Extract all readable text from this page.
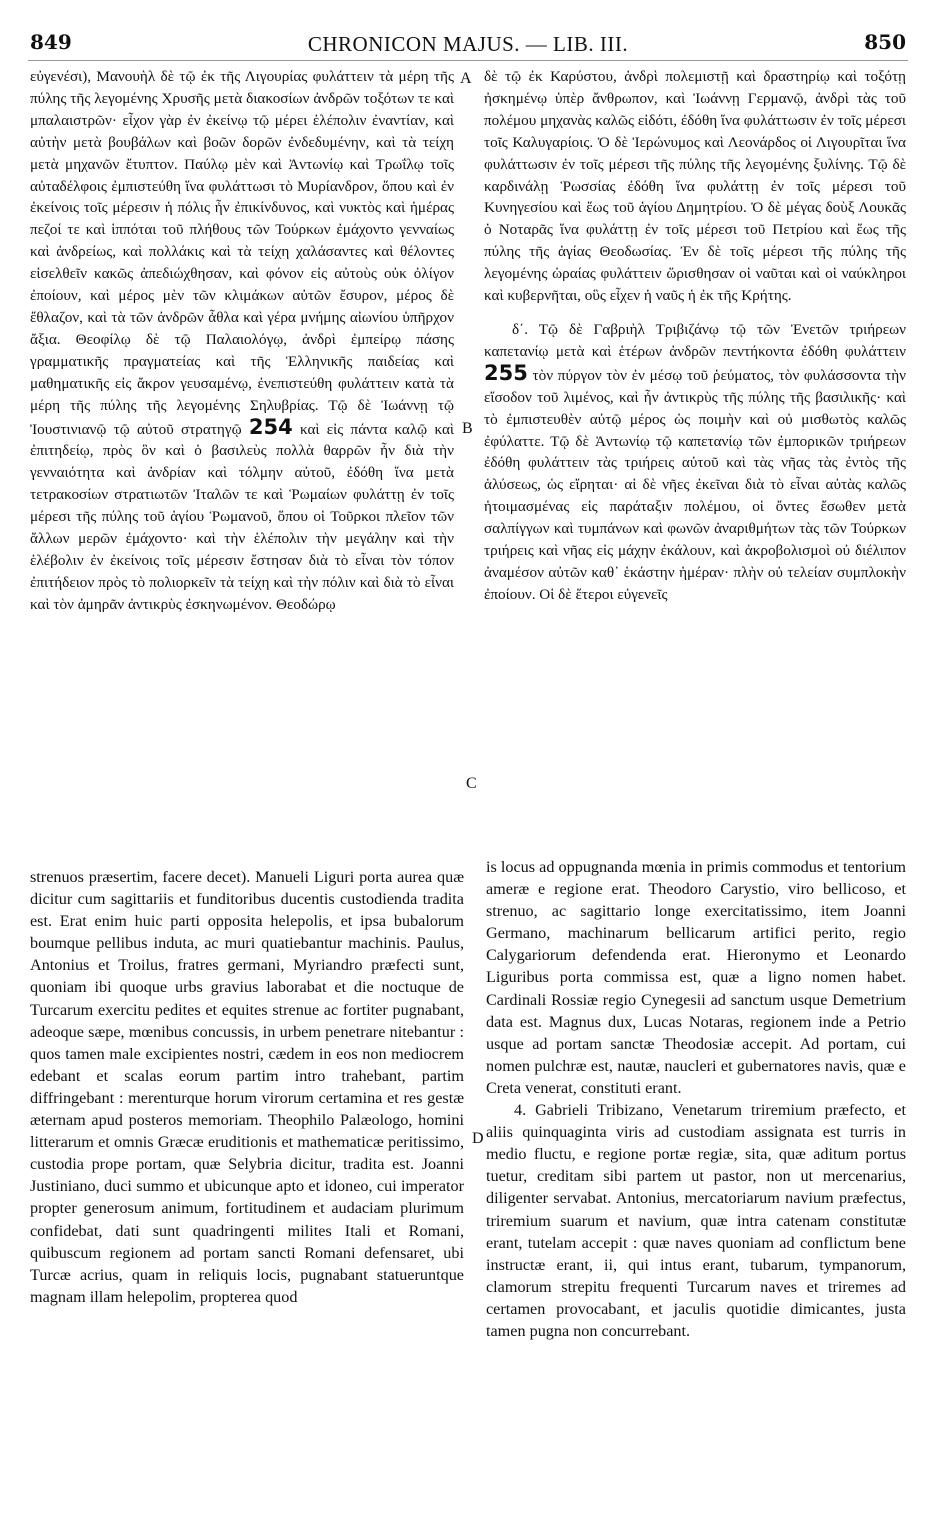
849	CHRONICON MAJUS. — LIB. III.	850

εὐγενέσι), Μανουὴλ δὲ τῷ ἐκ τῆς Λιγουρίας φυλάττειν τὰ μέρη τῆς πύλης τῆς λεγομένης Χρυσῆς μετὰ διακοσίων ἀνδρῶν τοξότων τε καὶ μπαλαιστρῶν· εἶχον γὰρ ἐν ἐκείνῳ τῷ μέρει ἑλέπολιν ἐναντίαν, καὶ αὐτὴν μετὰ βουβάλων καὶ βοῶν δορῶν ἐνδεδυμένην, καὶ τὰ τείχη μετὰ μηχανῶν ἔτυπτον. Παύλῳ μὲν καὶ Ἀντωνίῳ καὶ Τρωΐλῳ τοῖς αὐταδέλφοις ἐμπιστεύθη ἵνα φυλάττωσι τὸ Μυρίανδρον, ὅπου καὶ ἐν ἐκείνοις τοῖς μέρεσιν ἡ πόλις ἦν ἐπικίνδυνος, καὶ νυκτὸς καὶ ἡμέρας πεζοί τε καὶ ἱππόται τοῦ πλήθους τῶν Τούρκων ἐμάχοντο γενναίως καὶ ἀνδρείως, καὶ πολλάκις καὶ τὰ τείχη χαλάσαντες καὶ θέλοντες εἰσελθεῖν κακῶς ἀπεδιώχθησαν, καὶ φόνον εἰς αὐτοὺς οὐκ ὀλίγον ἐποίουν, καὶ μέρος μὲν τῶν κλιμάκων αὐτῶν ἔσυρον, μέρος δὲ ἔθλαζον, καὶ τὰ τῶν ἀνδρῶν ἆθλα καὶ γέρα μνήμης αἰωνίου ὑπῆρχον ἄξια. Θεοφίλῳ δὲ τῷ Παλαιολόγῳ, ἀνδρὶ ἐμπείρῳ πάσης γραμματικῆς πραγματείας καὶ τῆς Ἑλληνικῆς παιδείας καὶ μαθηματικῆς εἰς ἄκρον γευσαμένῳ, ἐνεπιστεύθη φυλάττειν κατὰ τὰ μέρη τῆς πύλης τῆς λεγομένης Σηλυβρίας. Τῷ δὲ Ἰωάννῃ τῷ Ἰουστινιανῷ τῷ αὐτοῦ στρατηγῷ 254 καὶ εἰς πάντα καλῷ καὶ ἐπιτηδείῳ, πρὸς ὃν καὶ ὁ βασιλεὺς πολλὰ θαρρῶν ἦν διὰ τὴν γενναιότητα καὶ ἀνδρίαν καὶ τόλμην αὐτοῦ, ἐδόθη ἵνα μετὰ τετρακοσίων στρατιωτῶν Ἰταλῶν τε καὶ Ῥωμαίων φυλάττῃ ἐν τοῖς μέρεσι τῆς πύλης τοῦ ἁγίου Ῥωμανοῦ, ὅπου οἱ Τοῦρκοι πλεῖον τῶν ἄλλων μερῶν ἐμάχοντο· καὶ τὴν ἑλέπολιν τὴν μεγάλην καὶ τὴν ἑλέβολιν ἐν ἐκείνοις τοῖς μέρεσιν ἔστησαν διὰ τὸ εἶναι τὸν τόπον ἐπιτήδειον πρὸς τὸ πολιορκεῖν τὰ τείχη καὶ τὴν πόλιν καὶ διὰ τὸ εἶναι καὶ τὸν ἀμηρᾶν ἀντικρὺς ἐσκηνωμένον. Θεοδώρῳ

δὲ τῷ ἐκ Καρύστου, ἀνδρὶ πολεμιστῇ καὶ δραστηρίῳ καὶ τοξότῃ ἠσκημένῳ ὑπὲρ ἄνθρωπον, καὶ Ἰωάννῃ Γερμανῷ, ἀνδρὶ τὰς τοῦ πολέμου μηχανὰς καλῶς εἰδότι, ἐδόθη ἵνα φυλάττωσιν ἐν τοῖς μέρεσι τοῖς Καλυγαρίοις. Ὁ δὲ Ἱερώνυμος καὶ Λεονάρδος οἱ Λιγουρῖται ἵνα φυλάττωσιν ἐν τοῖς μέρεσι τῆς πύλης τῆς λεγομένης ξυλίνης. Τῷ δὲ καρδινάλῃ Ῥωσσίας ἐδόθη ἵνα φυλάττῃ ἐν τοῖς μέρεσι τοῦ Κυνηγεσίου καὶ ἕως τοῦ ἁγίου Δημητρίου. Ὁ δὲ μέγας δοὺξ Λουκᾶς ὁ Νοταρᾶς ἵνα φυλάττῃ ἐν τοῖς μέρεσι τοῦ Πετρίου καὶ ἕως τῆς πύλης τῆς ἁγίας Θεοδωσίας. Ἐν δὲ τοῖς μέρεσι τῆς πύλης τῆς λεγομένης ὡραίας φυλάττειν ὥρισθησαν οἱ ναῦται καὶ οἱ ναύκληροι καὶ κυβερνῆται, οὓς εἶχεν ἡ ναῦς ἡ ἐκ τῆς Κρήτης.

δ΄. Τῷ δὲ Γαβριὴλ Τριβιζάνῳ τῷ τῶν Ἐνετῶν τριήρεων καπετανίῳ μετὰ καὶ ἑτέρων ἀνδρῶν πεντήκοντα ἐδόθη φυλάττειν 255 τὸν πύργον τὸν ἐν μέσῳ τοῦ ῥεύματος, τὸν φυλάσσοντα τὴν εἴσοδον τοῦ λιμένος, καὶ ἦν ἀντικρὺς τῆς πύλης τῆς βασιλικῆς· καὶ τὸ ἐμπιστευθὲν αὐτῷ μέρος ὡς ποιμὴν καὶ οὐ μισθωτὸς καλῶς ἐφύλαττε. Τῷ δὲ Ἀντωνίῳ τῷ καπετανίῳ τῶν ἐμπορικῶν τριήρεων ἐδόθη φυλάττειν τὰς τριήρεις αὐτοῦ καὶ τὰς νῆας τὰς ἐντὸς τῆς ἁλύσεως, ὡς εἴρηται· αἱ δὲ νῆες ἐκεῖναι διὰ τὸ εἶναι αὐτὰς καλῶς ἡτοιμασμένας εἰς παράταξιν πολέμου, οἱ ὄντες ἔσωθεν μετὰ σαλπίγγων καὶ τυμπάνων καὶ φωνῶν ἀναριθμήτων τὰς τῶν Τούρκων τριήρεις καὶ νῆας εἰς μάχην ἐκάλουν, καὶ ἀκροβολισμοὶ οὐ διέλιπον ἀναμέσον αὐτῶν καθ᾽ ἑκάστην ἡμέραν· πλὴν οὐ τελείαν συμπλοκὴν ἐποίουν. Οἱ δὲ ἕτεροι εὐγενεῖς

strenuos præsertim, facere decet). Manueli Liguri porta aurea quæ dicitur cum sagittariis et funditoribus ducentis custodienda tradita est. Erat enim huic parti opposita helepolis, et ipsa bubalorum boumque pellibus induta, ac muri quatiebantur machinis. Paulus, Antonius et Troilus, fratres germani, Myriandro præfecti sunt, quoniam ibi quoque urbs gravius laborabat et die noctuque de Turcarum exercitu pedites et equites strenue ac fortiter pugnabant, adeoque sæpe, mœnibus concussis, in urbem penetrare nitebantur : quos tamen male excipientes nostri, cædem in eos non mediocrem edebant et scalas eorum partim intro trahebant, partim diffringebant : merenturque horum virorum certamina et res gestæ æternam apud posteros memoriam. Theophilo Palæologo, homini litterarum et omnis Græcæ eruditionis et mathematicæ peritissimo, custodia prope portam, quæ Selybria dicitur, tradita est. Joanni Justiniano, duci summo et ubicunque apto et idoneo, cui imperator propter generosum animum, fortitudinem et audaciam plurimum confidebat, dati sunt quadringenti milites Itali et Romani, quibuscum regionem ad portam sancti Romani defensaret, ubi Turcæ acrius, quam in reliquis locis, pugnabant statueruntque magnam illam helepolim, propterea quod

is locus ad oppugnanda mœnia in primis commodus et tentorium ameræ e regione erat. Theodoro Carystio, viro bellicoso, et strenuo, ac sagittario longe exercitatissimo, item Joanni Germano, machinarum bellicarum artifici perito, regio Calygariorum defendenda erat. Hieronymo et Leonardo Liguribus porta commissa est, quæ a ligno nomen habet. Cardinali Rossiæ regio Cynegesii ad sanctum usque Demetrium data est. Magnus dux, Lucas Notaras, regionem inde a Petrio usque ad portam sanctæ Theodosiæ accepit. Ad portam, cui nomen pulchræ est, nautæ, naucleri et gubernatores navis, quæ e Creta venerat, constituti erant.

4. Gabrieli Tribizano, Venetarum triremium præfecto, et aliis quinquaginta viris ad custodiam assignata est turris in medio fluctu, e regione portæ regiæ, sita, quæ aditum portus tuetur, creditam sibi partem ut pastor, non ut mercenarius, diligenter servabat. Antonius, mercatoriarum navium præfectus, triremium suarum et navium, quæ intra catenam constitutæ erant, tutelam accepit : quæ naves quoniam ad conflictum bene instructæ erant, ii, qui intus erant, tubarum, tympanorum, clamorum strepitu frequenti Turcarum naves et triremes ad certamen provocabant, et jaculis quotidie dimicantes, justa tamen pugna non concurrebant.

A
B
C
D
